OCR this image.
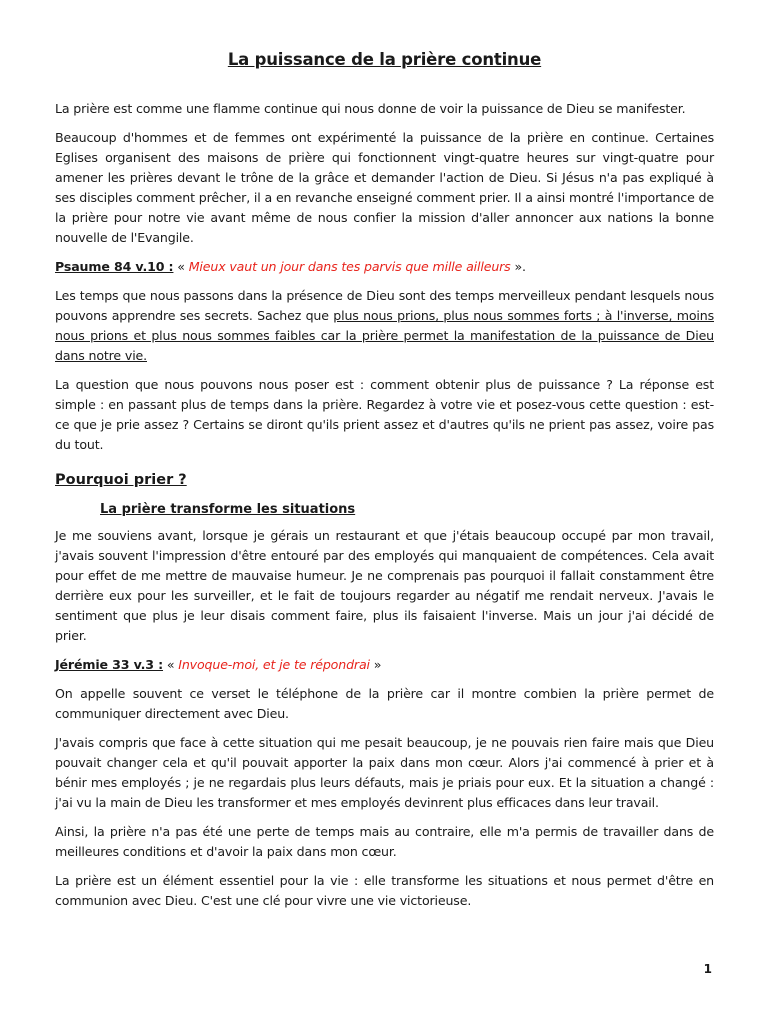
La puissance de la prière continue

La prière est comme une flamme continue qui nous donne de voir la puissance de Dieu se manifester.

Beaucoup d'hommes et de femmes ont expérimenté la puissance de la prière en continue. Certaines Eglises organisent des maisons de prière qui fonctionnent vingt-quatre heures sur vingt-quatre pour amener les prières devant le trône de la grâce et demander l'action de Dieu. Si Jésus n'a pas expliqué à ses disciples comment prêcher, il a en revanche enseigné comment prier. Il a ainsi montré l'importance de la prière pour notre vie avant même de nous confier la mission d'aller annoncer aux nations la bonne nouvelle de l'Evangile.

Psaume 84 v.10 : « Mieux vaut un jour dans tes parvis que mille ailleurs ».

Les temps que nous passons dans la présence de Dieu sont des temps merveilleux pendant lesquels nous pouvons apprendre ses secrets. Sachez que plus nous prions, plus nous sommes forts ; à l'inverse, moins nous prions et plus nous sommes faibles car la prière permet la manifestation de la puissance de Dieu dans notre vie.

La question que nous pouvons nous poser est : comment obtenir plus de puissance ? La réponse est simple : en passant plus de temps dans la prière. Regardez à votre vie et posez-vous cette question : est-ce que je prie assez ? Certains se diront qu'ils prient assez et d'autres qu'ils ne prient pas assez, voire pas du tout.

Pourquoi prier ?
La prière transforme les situations

Je me souviens avant, lorsque je gérais un restaurant et que j'étais beaucoup occupé par mon travail, j'avais souvent l'impression d'être entouré par des employés qui manquaient de compétences. Cela avait pour effet de me mettre de mauvaise humeur. Je ne comprenais pas pourquoi il fallait constamment être derrière eux pour les surveiller, et le fait de toujours regarder au négatif me rendait nerveux. J'avais le sentiment que plus je leur disais comment faire, plus ils faisaient l'inverse. Mais un jour j'ai décidé de prier.

Jérémie 33 v.3 : « Invoque-moi, et je te répondrai »

On appelle souvent ce verset le téléphone de la prière car il montre combien la prière permet de communiquer directement avec Dieu.

J'avais compris que face à cette situation qui me pesait beaucoup, je ne pouvais rien faire mais que Dieu pouvait changer cela et qu'il pouvait apporter la paix dans mon cœur. Alors j'ai commencé à prier et à bénir mes employés ; je ne regardais plus leurs défauts, mais je priais pour eux. Et la situation a changé : j'ai vu la main de Dieu les transformer et mes employés devinrent plus efficaces dans leur travail.

Ainsi, la prière n'a pas été une perte de temps mais au contraire, elle m'a permis de travailler dans de meilleures conditions et d'avoir la paix dans mon cœur.

La prière est un élément essentiel pour la vie : elle transforme les situations et nous permet d'être en communion avec Dieu. C'est une clé pour vivre une vie victorieuse.

1
